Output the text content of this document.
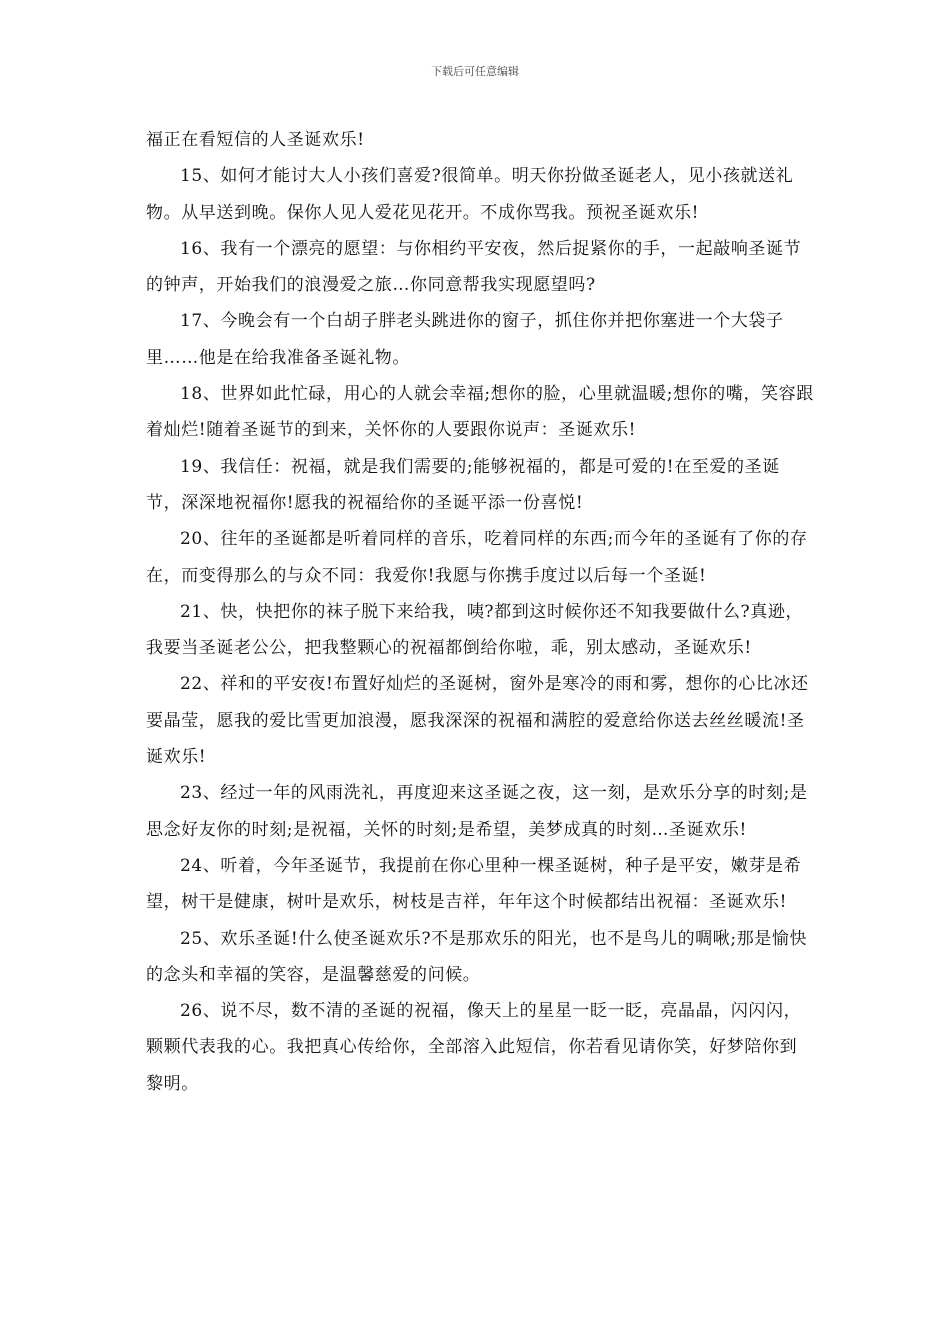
下载后可任意编辑

福正在看短信的人圣诞欢乐!

15、如何才能讨大人小孩们喜爱?很简单。明天你扮做圣诞老人，见小孩就送礼物。从早送到晚。保你人见人爱花见花开。不成你骂我。预祝圣诞欢乐!

16、我有一个漂亮的愿望：与你相约平安夜，然后捉紧你的手，一起敲响圣诞节的钟声，开始我们的浪漫爱之旅…你同意帮我实现愿望吗?

17、今晚会有一个白胡子胖老头跳进你的窗子，抓住你并把你塞进一个大袋子里……他是在给我准备圣诞礼物。

18、世界如此忙碌，用心的人就会幸福;想你的脸，心里就温暖;想你的嘴，笑容跟着灿烂!随着圣诞节的到来，关怀你的人要跟你说声：圣诞欢乐!

19、我信任：祝福，就是我们需要的;能够祝福的，都是可爱的!在至爱的圣诞节，深深地祝福你!愿我的祝福给你的圣诞平添一份喜悦!

20、往年的圣诞都是听着同样的音乐，吃着同样的东西;而今年的圣诞有了你的存在，而变得那么的与众不同：我爱你!我愿与你携手度过以后每一个圣诞!

21、快，快把你的袜子脱下来给我，咦?都到这时候你还不知我要做什么?真逊，我要当圣诞老公公，把我整颗心的祝福都倒给你啦，乖，别太感动，圣诞欢乐!

22、祥和的平安夜!布置好灿烂的圣诞树，窗外是寒冷的雨和雾，想你的心比冰还要晶莹，愿我的爱比雪更加浪漫，愿我深深的祝福和满腔的爱意给你送去丝丝暖流!圣诞欢乐!

23、经过一年的风雨洗礼，再度迎来这圣诞之夜，这一刻，是欢乐分享的时刻;是思念好友你的时刻;是祝福，关怀的时刻;是希望，美梦成真的时刻…圣诞欢乐!

24、听着，今年圣诞节，我提前在你心里种一棵圣诞树，种子是平安，嫩芽是希望，树干是健康，树叶是欢乐，树枝是吉祥，年年这个时候都结出祝福：圣诞欢乐!

25、欢乐圣诞!什么使圣诞欢乐?不是那欢乐的阳光，也不是鸟儿的啁啾;那是愉快的念头和幸福的笑容，是温馨慈爱的问候。

26、说不尽，数不清的圣诞的祝福，像天上的星星一眨一眨，亮晶晶，闪闪闪，颗颗代表我的心。我把真心传给你，全部溶入此短信，你若看见请你笑，好梦陪你到黎明。
